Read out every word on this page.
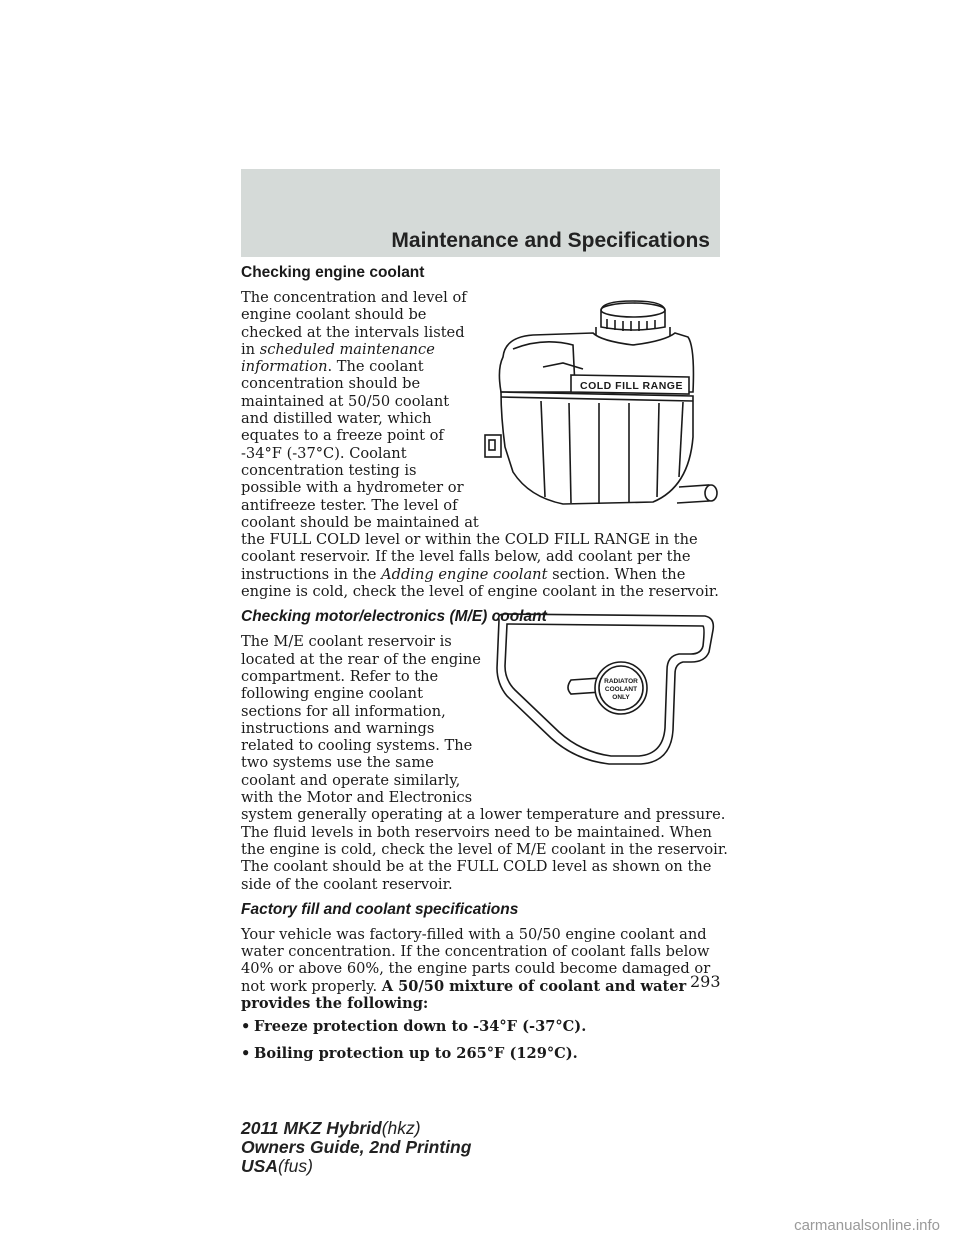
Maintenance and Specifications
COLD FILL RANGE
RADIATOR
COOLANT
ONLY
Checking engine coolant

The concentration and level of engine coolant should be checked at the intervals listed in scheduled maintenance information. The coolant concentration should be maintained at 50/50 coolant and distilled water, which equates to a freeze point of -34°F (-37°C). Coolant concentration testing is possible with a hydrometer or antifreeze tester. The level of coolant should be maintained at the FULL COLD level or within the COLD FILL RANGE in the coolant reservoir. If the level falls below, add coolant per the instructions in the Adding engine coolant section. When the engine is cold, check the level of engine coolant in the reservoir.

Checking motor/electronics (M/E) coolant

The M/E coolant reservoir is located at the rear of the engine compartment. Refer to the following engine coolant sections for all information, instructions and warnings related to cooling systems. The two systems use the same coolant and operate similarly, with the Motor and Electronics system generally operating at a lower temperature and pressure. The fluid levels in both reservoirs need to be maintained. When the engine is cold, check the level of M/E coolant in the reservoir. The coolant should be at the FULL COLD level as shown on the side of the coolant reservoir.

Factory fill and coolant specifications

Your vehicle was factory-filled with a 50/50 engine coolant and water concentration. If the concentration of coolant falls below 40% or above 60%, the engine parts could become damaged or not work properly. A 50/50 mixture of coolant and water provides the following:

• Freeze protection down to -34°F (-37°C).
• Boiling protection up to 265°F (129°C).
293
2011 MKZ Hybrid(hkz)
Owners Guide, 2nd Printing
USA(fus)
carmanualsonline.info
